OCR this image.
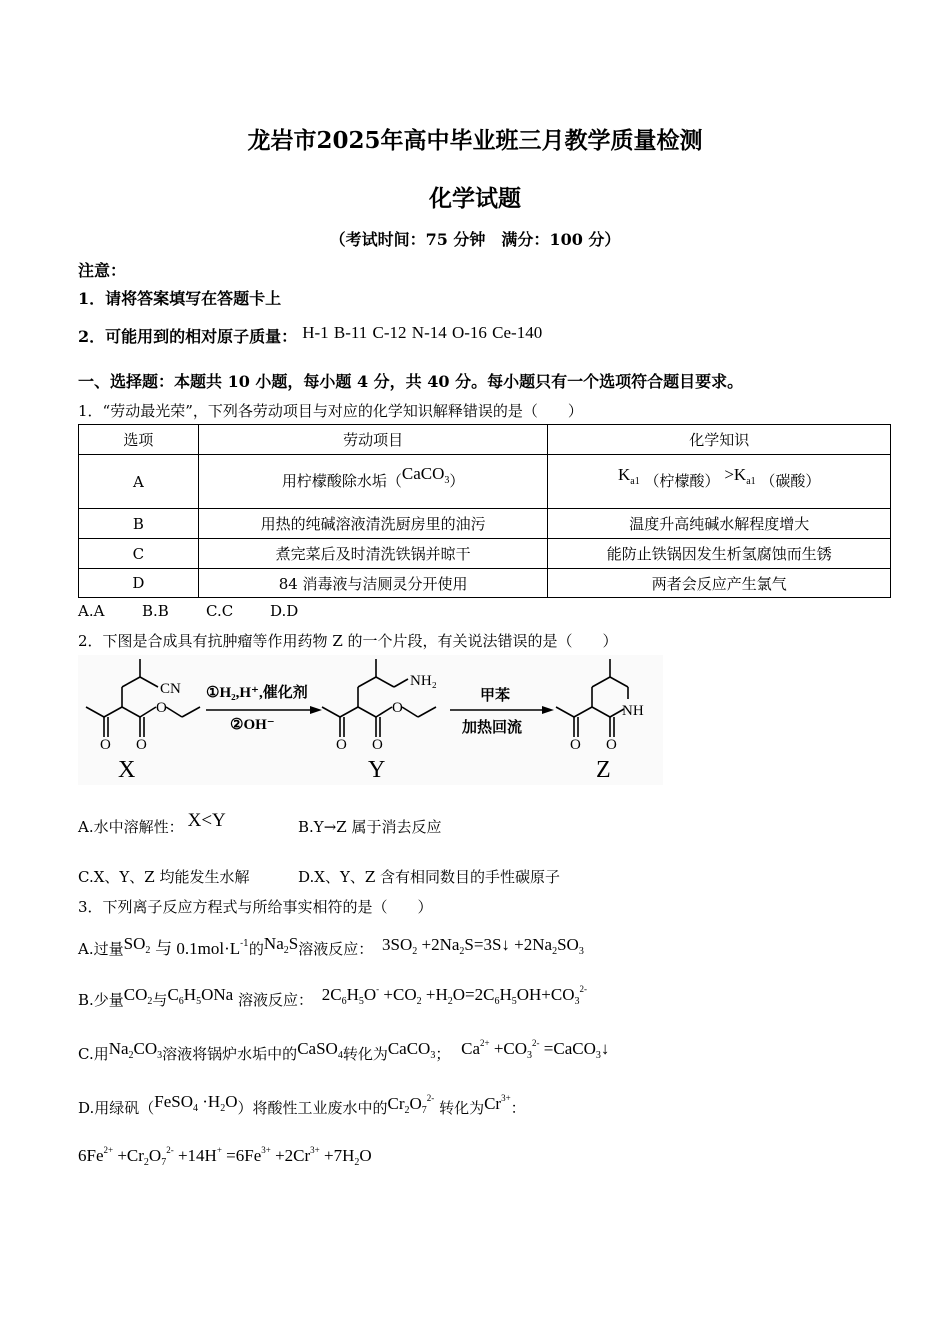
龙岩市2025年高中毕业班三月教学质量检测
化学试题
（考试时间：75 分钟　满分：100 分）
注意：
1．请将答案填写在答题卡上
2．可能用到的相对原子质量： H-1 B-11 C-12 N-14 O-16 Ce-140
一、选择题：本题共 10 小题，每小题 4 分，共 40 分。每小题只有一个选项符合题目要求。
1．“劳动最光荣”，下列各劳动项目与对应的化学知识解释错误的是（　　）
选项	劳动项目	化学知识
A	用柠檬酸除水垢（CaCO$_3$）	$K_{a1}$ （柠檬酸） $>K_{a1}$ （碳酸）
B	用热的纯碱溶液清洗厨房里的油污	温度升高纯碱水解程度增大
C	煮完菜后及时清洗铁锅并晾干	能防止铁锅因发生析氢腐蚀而生锈
D	84 消毒液与洁厕灵分开使用	两者会反应产生氯气
A.A	B.B C.C D.D
2．下图是合成具有抗肿瘤等作用药物 Z 的一个片段，有关说法错误的是（　　）
O O
O
CN
X
①H₂,H⁺,催化剂
②OH⁻
O O
O
NH₂
Y
甲苯
加热回流
O O
NH
Z
A.水中溶解性： X<Y	B.Y→Z 属于消去反应
C.X、Y、Z 均能发生水解	D.X、Y、Z 含有相同数目的手性碳原子
3．下列离子反应方程式与所给事实相符的是（　　）
A.过量$SO_2$ 与 $0.1mol\cdot L^{-1}$的$Na_2S$溶液反应： $3SO_2$ $+2Na_2S=3S↓ +2Na_2SO_3$
B.少量$CO_2$与$C_6H_5ONa$ 溶液反应： $2C_6H_5O^- +CO_2 +H_2O=2C_6H_5OH+CO_3^{2-}$
C.用$Na_2CO_3$溶液将锅炉水垢中的CaSO$_4$转化为CaCO$_3$； $Ca^{2+} +CO_3^{2-}$ =CaCO$_3$↓
D.用绿矾（FeSO$_4$ $\cdot H_2O$）将酸性工业废水中的$Cr_2O_7^{2-}$ 转化为$Cr^{3+}$：
$6Fe^{2+} +Cr_2O_7^{2-} +14H^+ =6Fe^{3+} +2Cr^{3+} +7H_2O$
